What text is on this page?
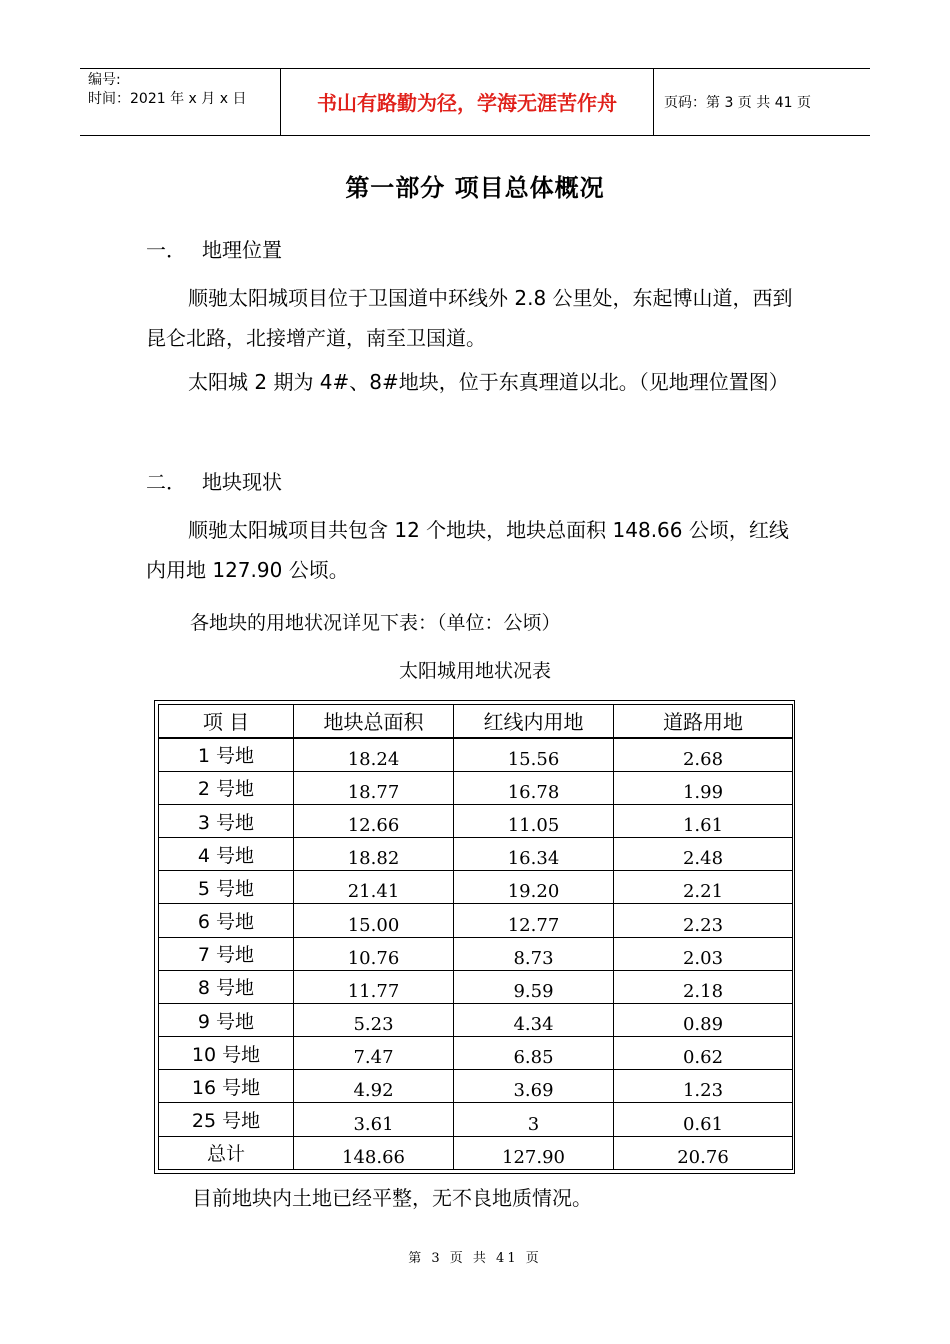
编号:
时间：2021 年 x 月 x 日	书山有路勤为径，学海无涯苦作舟	页码：第 3 页 共 41 页
第一部分 项目总体概况
一． 地理位置
顺驰太阳城项目位于卫国道中环线外 2.8 公里处，东起博山道，西到昆仑北路，北接增产道，南至卫国道。
太阳城 2 期为 4#、8#地块，位于东真理道以北。（见地理位置图）
二． 地块现状
顺驰太阳城项目共包含 12 个地块，地块总面积 148.66 公顷，红线内用地 127.90 公顷。
各地块的用地状况详见下表：（单位：公顷）
太阳城用地状况表
项 目	地块总面积	红线内用地	道路用地
1 号地	18.24	15.56	2.68
2 号地	18.77	16.78	1.99
3 号地	12.66	11.05	1.61
4 号地	18.82	16.34	2.48
5 号地	21.41	19.20	2.21
6 号地	15.00	12.77	2.23
7 号地	10.76	8.73	2.03
8 号地	11.77	9.59	2.18
9 号地	5.23	4.34	0.89
10 号地	7.47	6.85	0.62
16 号地	4.92	3.69	1.23
25 号地	3.61	3	0.61
总计	148.66	127.90	20.76
目前地块内土地已经平整，无不良地质情况。
第 3 页 共 41 页
